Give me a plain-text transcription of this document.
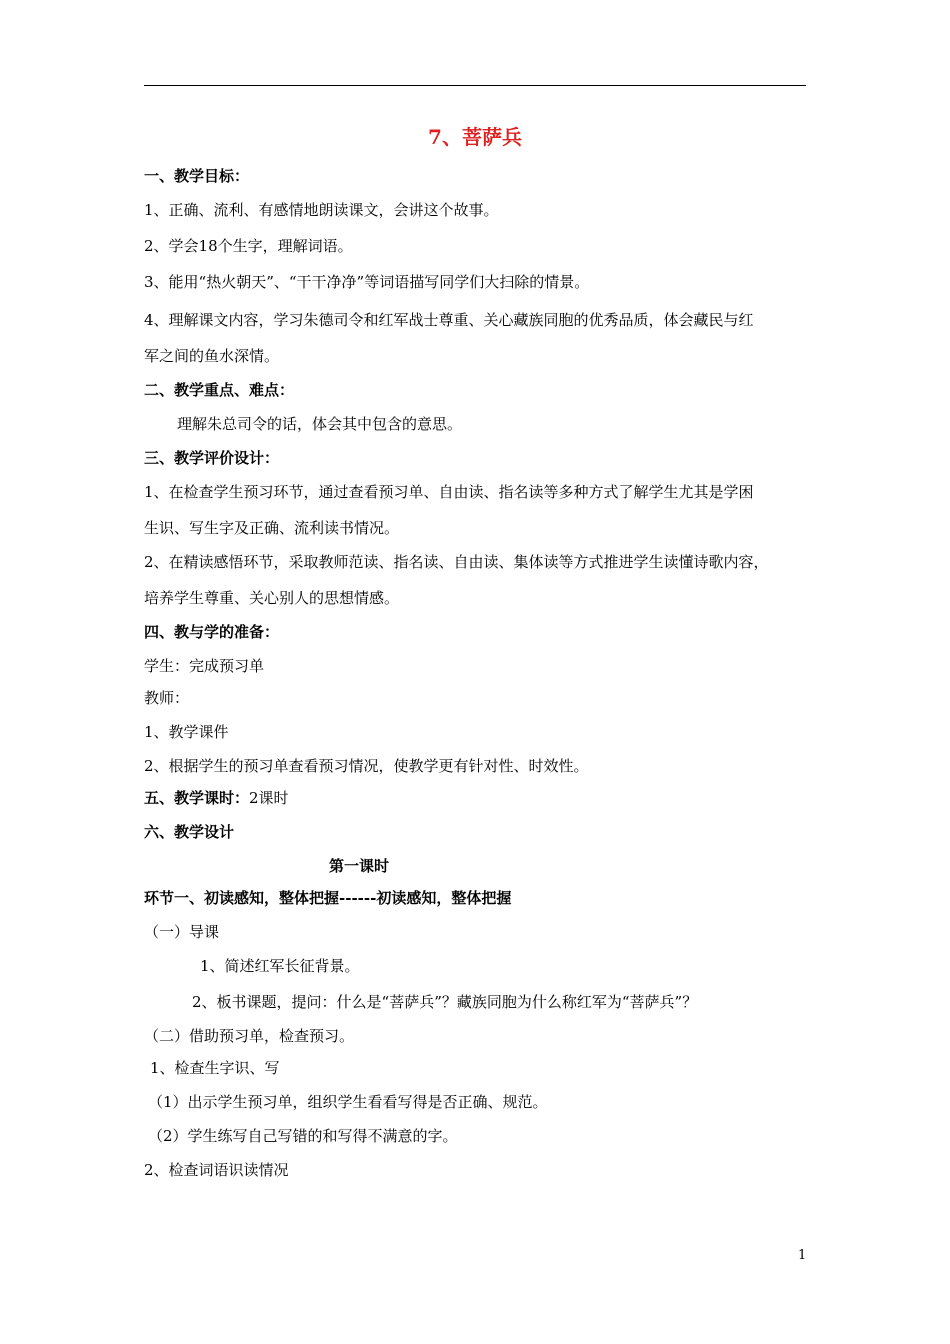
7、菩萨兵
一、教学目标：
1、正确、流利、有感情地朗读课文，会讲这个故事。
2、学会18个生字，理解词语。
3、能用“热火朝天”、“干干净净”等词语描写同学们大扫除的情景。
4、理解课文内容，学习朱德司令和红军战士尊重、关心藏族同胞的优秀品质，体会藏民与红
军之间的鱼水深情。
二、教学重点、难点：
理解朱总司令的话，体会其中包含的意思。
三、教学评价设计：
1、在检查学生预习环节，通过查看预习单、自由读、指名读等多种方式了解学生尤其是学困
生识、写生字及正确、流利读书情况。
2、在精读感悟环节，采取教师范读、指名读、自由读、集体读等方式推进学生读懂诗歌内容，
培养学生尊重、关心别人的思想情感。
四、教与学的准备：
学生：完成预习单
教师：
1、教学课件
2、根据学生的预习单查看预习情况，使教学更有针对性、时效性。
五、教学课时：2课时
六、教学设计
第一课时
环节一、初读感知，整体把握------初读感知，整体把握
（一）导课
1、简述红军长征背景。
2、板书课题，提问：什么是“菩萨兵”？藏族同胞为什么称红军为“菩萨兵”？
（二）借助预习单，检查预习。
1、检查生字识、写
（1）出示学生预习单，组织学生看看写得是否正确、规范。
（2）学生练写自己写错的和写得不满意的字。
2、检查词语识读情况
1
